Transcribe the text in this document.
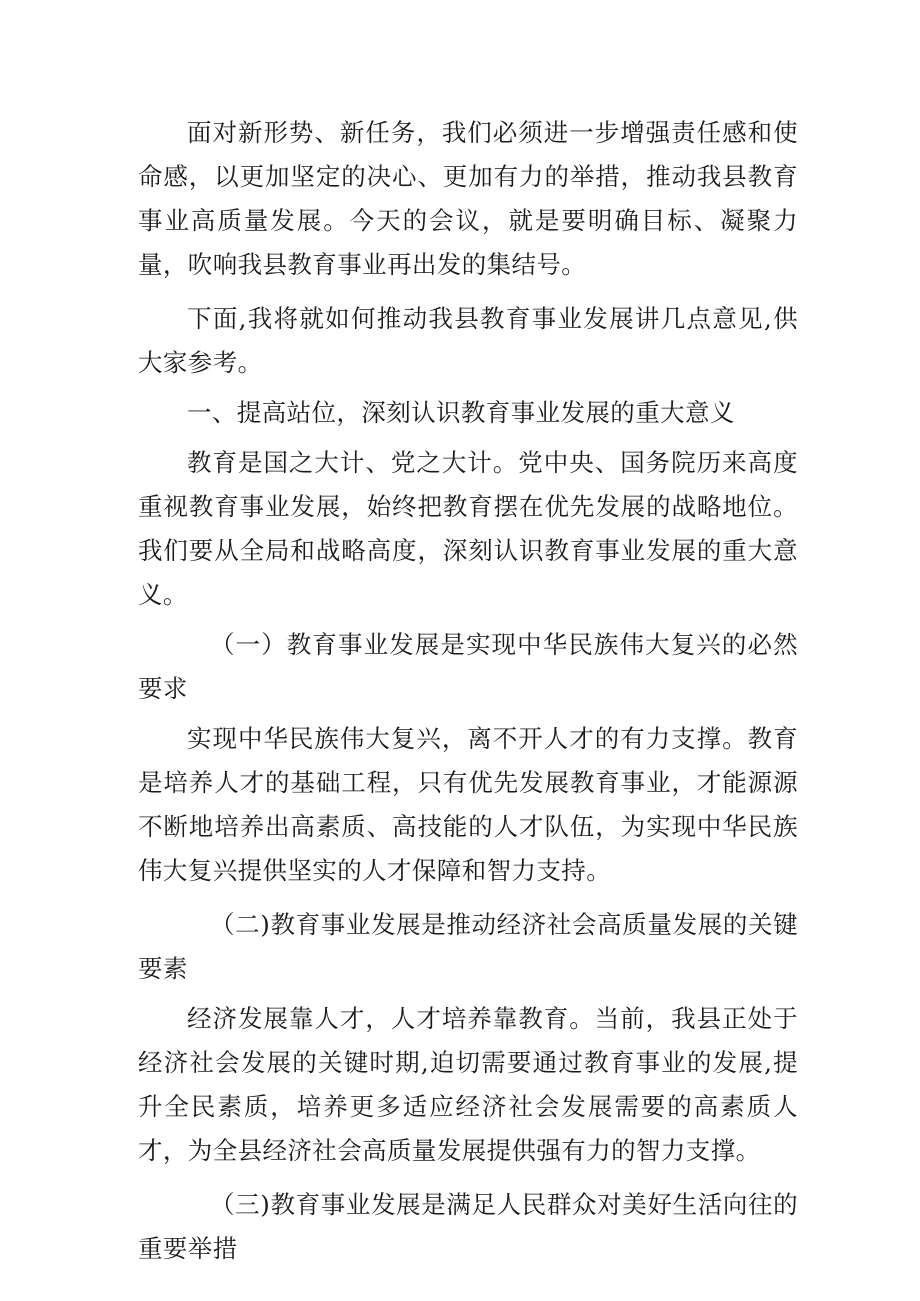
面对新形势、新任务，我们必须进一步增强责任感和使命感，以更加坚定的决心、更加有力的举措，推动我县教育事业高质量发展。今天的会议，就是要明确目标、凝聚力量，吹响我县教育事业再出发的集结号。

下面,我将就如何推动我县教育事业发展讲几点意见,供大家参考。

一、提高站位，深刻认识教育事业发展的重大意义

教育是国之大计、党之大计。党中央、国务院历来高度重视教育事业发展，始终把教育摆在优先发展的战略地位。我们要从全局和战略高度，深刻认识教育事业发展的重大意义。

（一）教育事业发展是实现中华民族伟大复兴的必然要求

实现中华民族伟大复兴，离不开人才的有力支撑。教育是培养人才的基础工程，只有优先发展教育事业，才能源源不断地培养出高素质、高技能的人才队伍，为实现中华民族伟大复兴提供坚实的人才保障和智力支持。

（二)教育事业发展是推动经济社会高质量发展的关键要素

经济发展靠人才，人才培养靠教育。当前，我县正处于经济社会发展的关键时期,迫切需要通过教育事业的发展,提升全民素质，培养更多适应经济社会发展需要的高素质人才，为全县经济社会高质量发展提供强有力的智力支撑。

（三)教育事业发展是满足人民群众对美好生活向往的重要举措
